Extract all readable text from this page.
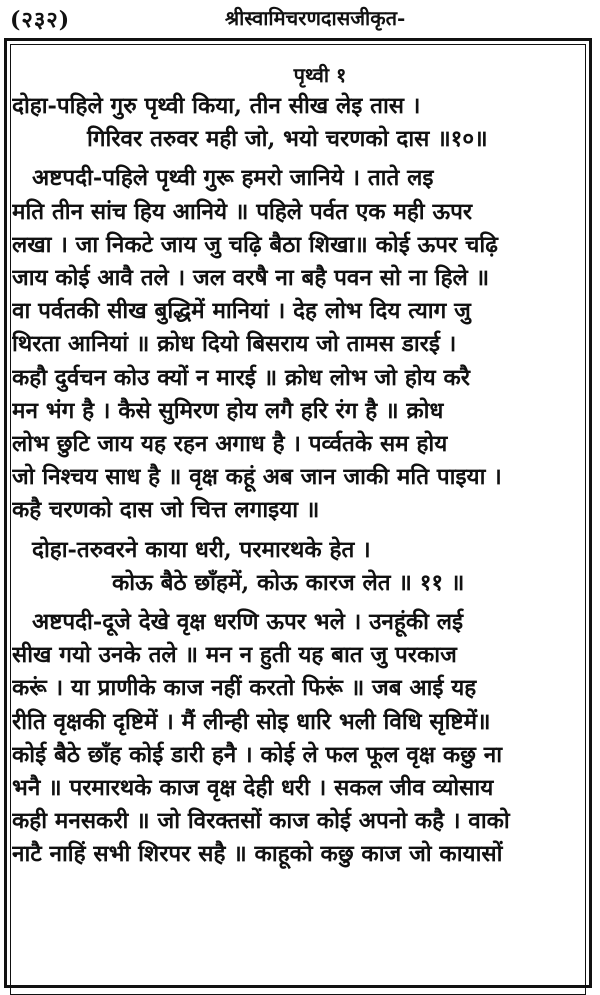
(२३२)	श्रीस्वामिचरणदासजीकृत-
पृथ्वी १
दोहा-पहिले गुरु पृथ्वी किया, तीन सीख लेइ तास ।
गिरिवर तरुवर मही जो, भयो चरणको दास ॥१०॥
अष्टपदी-पहिले पृथ्वी गुरू हमरो जानिये । ताते लइ
मति तीन सांच हिय आनिये ॥ पहिले पर्वत एक मही ऊपर
लखा । जा निकटे जाय जु चढ़ि बैठा शिखा॥ कोई ऊपर चढ़ि
जाय कोई आवै तले । जल वरषै ना बहै पवन सो ना हिले ॥
वा पर्वतकी सीख बुद्धिमें मानियां । देह लोभ दिय त्याग जु
थिरता आनियां ॥ क्रोध दियो बिसराय जो तामस डारई ।
कहौ दुर्वचन कोउ क्यों न मारई ॥ क्रोध लोभ जो होय करै
मन भंग है । कैसे सुमिरण होय लगै हरि रंग है ॥ क्रोध
लोभ छुटि जाय यह रहन अगाध है । पर्व्वतके सम होय
जो निश्चय साध है ॥ वृक्ष कहूं अब जान जाकी मति पाइया ।
कहै चरणको दास जो चित्त लगाइया ॥
दोहा-तरुवरने काया धरी, परमारथके हेत ।
कोऊ बैठे छाँहमें, कोऊ कारज लेत ॥ ११ ॥
अष्टपदी-दूजे देखे वृक्ष धरणि ऊपर भले । उनहूंकी लई
सीख गयो उनके तले ॥ मन न हुती यह बात जु परकाज
करूं । या प्राणीके काज नहीं करतो फिरूं ॥ जब आई यह
रीति वृक्षकी दृष्टिमें । मैं लीन्ही सोइ धारि भली विधि सृष्टिमें॥
कोई बैठे छाँह कोई डारी हनै । कोई ले फल फूल वृक्ष कछु ना
भनै ॥ परमारथके काज वृक्ष देही धरी । सकल जीव व्योसाय
कही मनसकरी ॥ जो विरक्तसों काज कोई अपनो कहै । वाको
नाटै नाहिं सभी शिरपर सहै ॥ काहूको कछु काज जो कायासों
